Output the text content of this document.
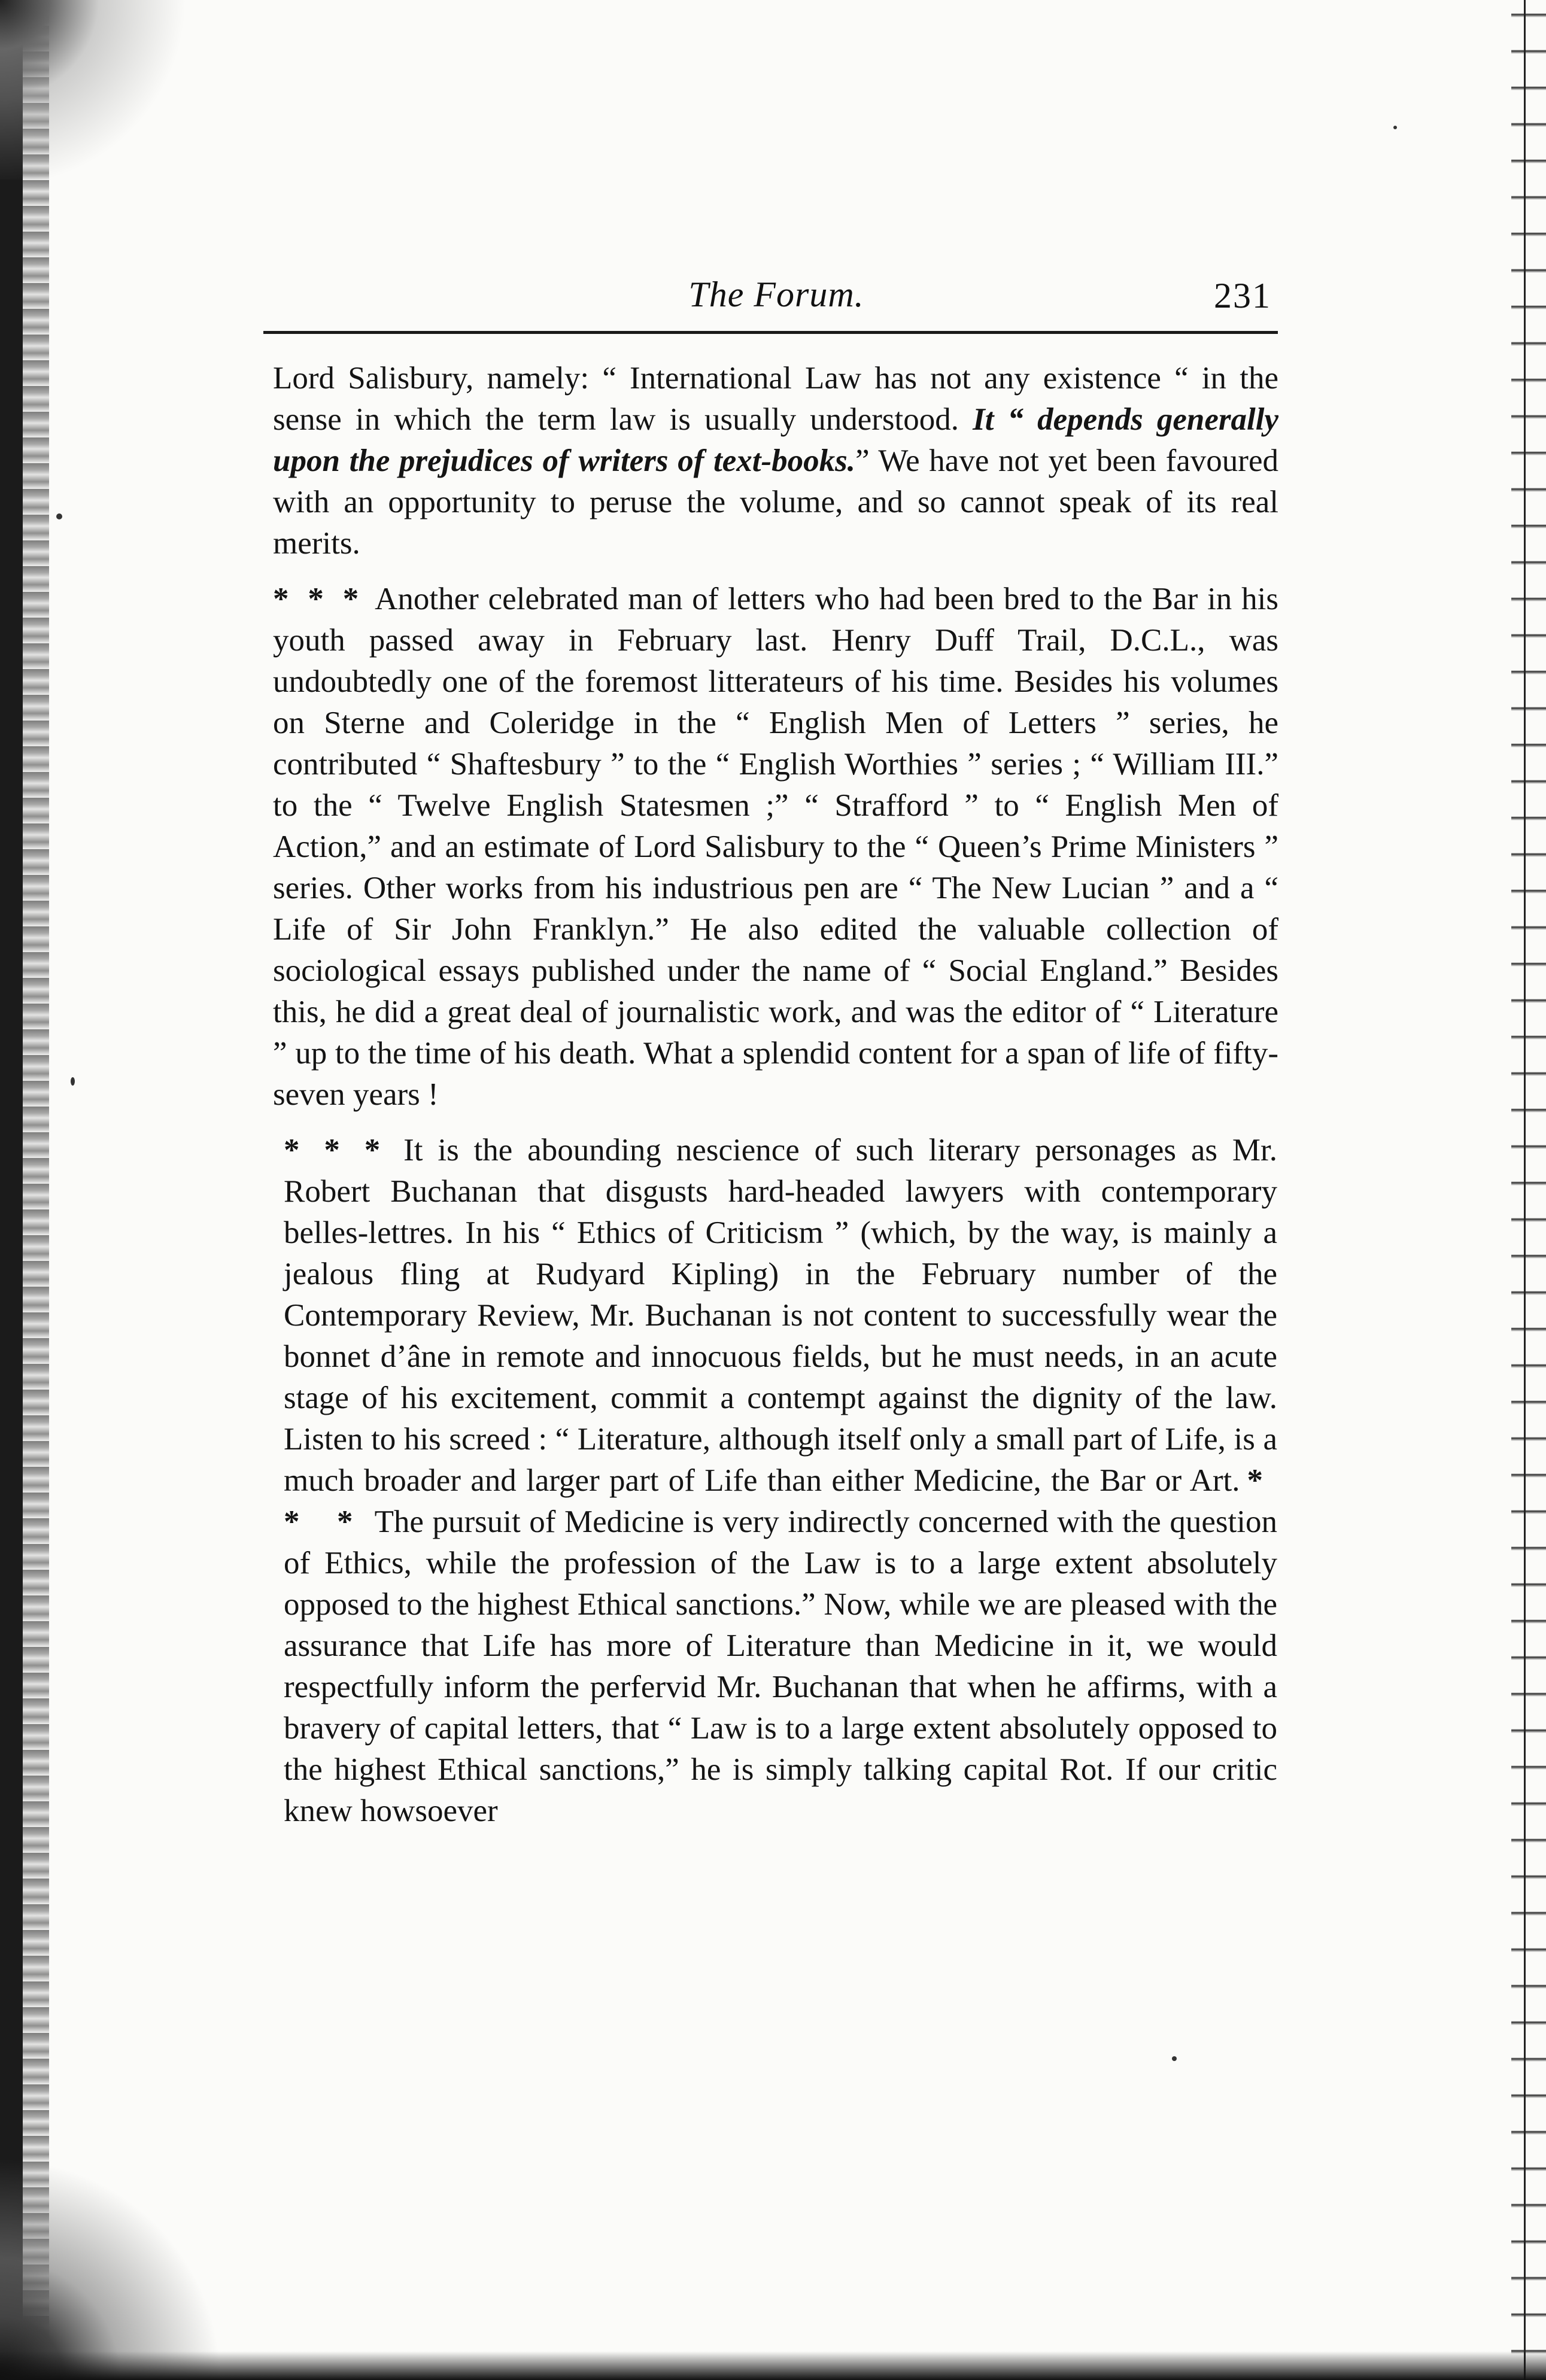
The Forum.	231

Lord Salisbury, namely: “ International Law has not any existence “ in the sense in which the term law is usually understood. It “ depends generally upon the prejudices of writers of text-books.” We have not yet been favoured with an opportunity to peruse the volume, and so cannot speak of its real merits.

* * * Another celebrated man of letters who had been bred to the Bar in his youth passed away in February last. Henry Duff Trail, D.C.L., was undoubtedly one of the foremost litterateurs of his time. Besides his volumes on Sterne and Coleridge in the “ English Men of Letters ” series, he contributed “ Shaftesbury ” to the “ English Worthies ” series ; “ William III.” to the “ Twelve English Statesmen ;” “ Strafford ” to “ English Men of Action,” and an estimate of Lord Salisbury to the “ Queen’s Prime Ministers ” series. Other works from his industrious pen are “ The New Lucian ” and a “ Life of Sir John Franklyn.” He also edited the valuable collection of sociological essays published under the name of “ Social England.” Besides this, he did a great deal of journalistic work, and was the editor of “ Literature ” up to the time of his death. What a splendid content for a span of life of fifty-seven years !

* * * It is the abounding nescience of such literary personages as Mr. Robert Buchanan that disgusts hard-headed lawyers with contemporary belles-lettres. In his “ Ethics of Criticism ” (which, by the way, is mainly a jealous fling at Rudyard Kipling) in the February number of the Contemporary Review, Mr. Buchanan is not content to successfully wear the bonnet d’âne in remote and innocuous fields, but he must needs, in an acute stage of his excitement, commit a contempt against the dignity of the law. Listen to his screed : “ Literature, although itself only a small part of Life, is a much broader and larger part of Life than either Medicine, the Bar or Art. * * * The pursuit of Medicine is very indirectly concerned with the question of Ethics, while the profession of the Law is to a large extent absolutely opposed to the highest Ethical sanctions.” Now, while we are pleased with the assurance that Life has more of Literature than Medicine in it, we would respectfully inform the perfervid Mr. Buchanan that when he affirms, with a bravery of capital letters, that “ Law is to a large extent absolutely opposed to the highest Ethical sanctions,” he is simply talking capital Rot. If our critic knew howsoever
